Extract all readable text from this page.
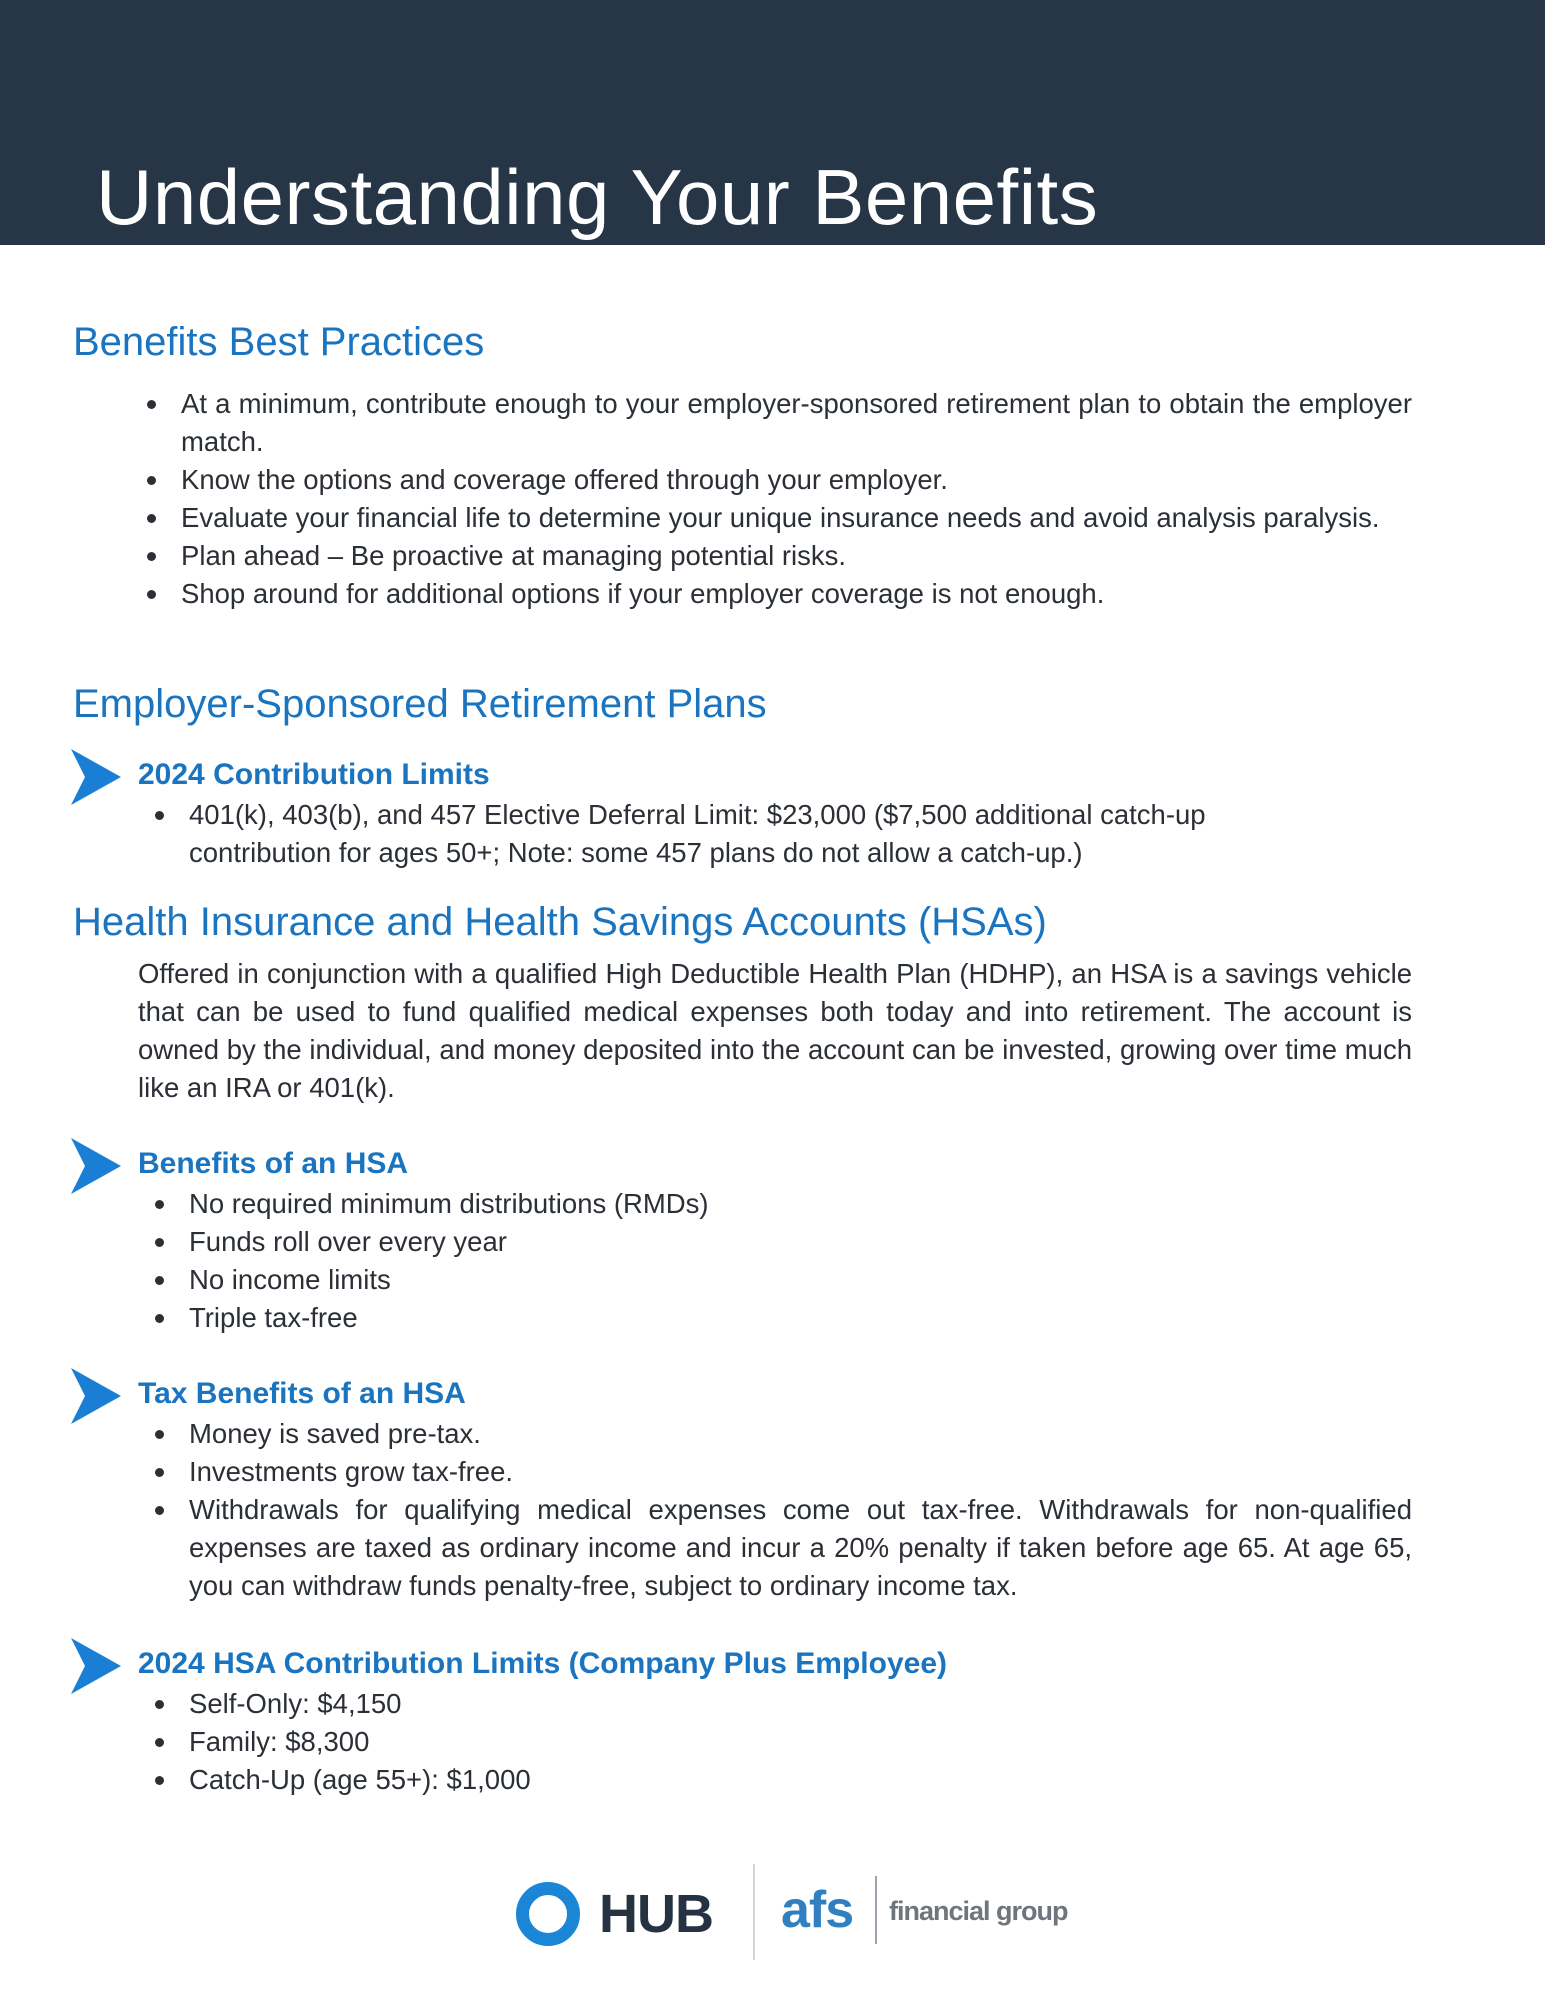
Understanding Your Benefits
Benefits Best Practices
At a minimum, contribute enough to your employer-sponsored retirement plan to obtain the employer match.
Know the options and coverage offered through your employer.
Evaluate your financial life to determine your unique insurance needs and avoid analysis paralysis.
Plan ahead – Be proactive at managing potential risks.
Shop around for additional options if your employer coverage is not enough.
Employer-Sponsored Retirement Plans
2024 Contribution Limits
401(k), 403(b), and 457 Elective Deferral Limit: $23,000 ($7,500 additional catch-up contribution for ages 50+; Note: some 457 plans do not allow a catch-up.)
Health Insurance and Health Savings Accounts (HSAs)

Offered in conjunction with a qualified High Deductible Health Plan (HDHP), an HSA is a savings vehicle that can be used to fund qualified medical expenses both today and into retirement. The account is owned by the individual, and money deposited into the account can be invested, growing over time much like an IRA or 401(k).

Benefits of an HSA
No required minimum distributions (RMDs)
Funds roll over every year
No income limits
Triple tax-free
Tax Benefits of an HSA
Money is saved pre-tax.
Investments grow tax-free.
Withdrawals for qualifying medical expenses come out tax-free. Withdrawals for non-qualified expenses are taxed as ordinary income and incur a 20% penalty if taken before age 65. At age 65, you can withdraw funds penalty-free, subject to ordinary income tax.
2024 HSA Contribution Limits (Company Plus Employee)
Self-Only: $4,150
Family: $8,300
Catch-Up (age 55+): $1,000
HUB afs financial group
